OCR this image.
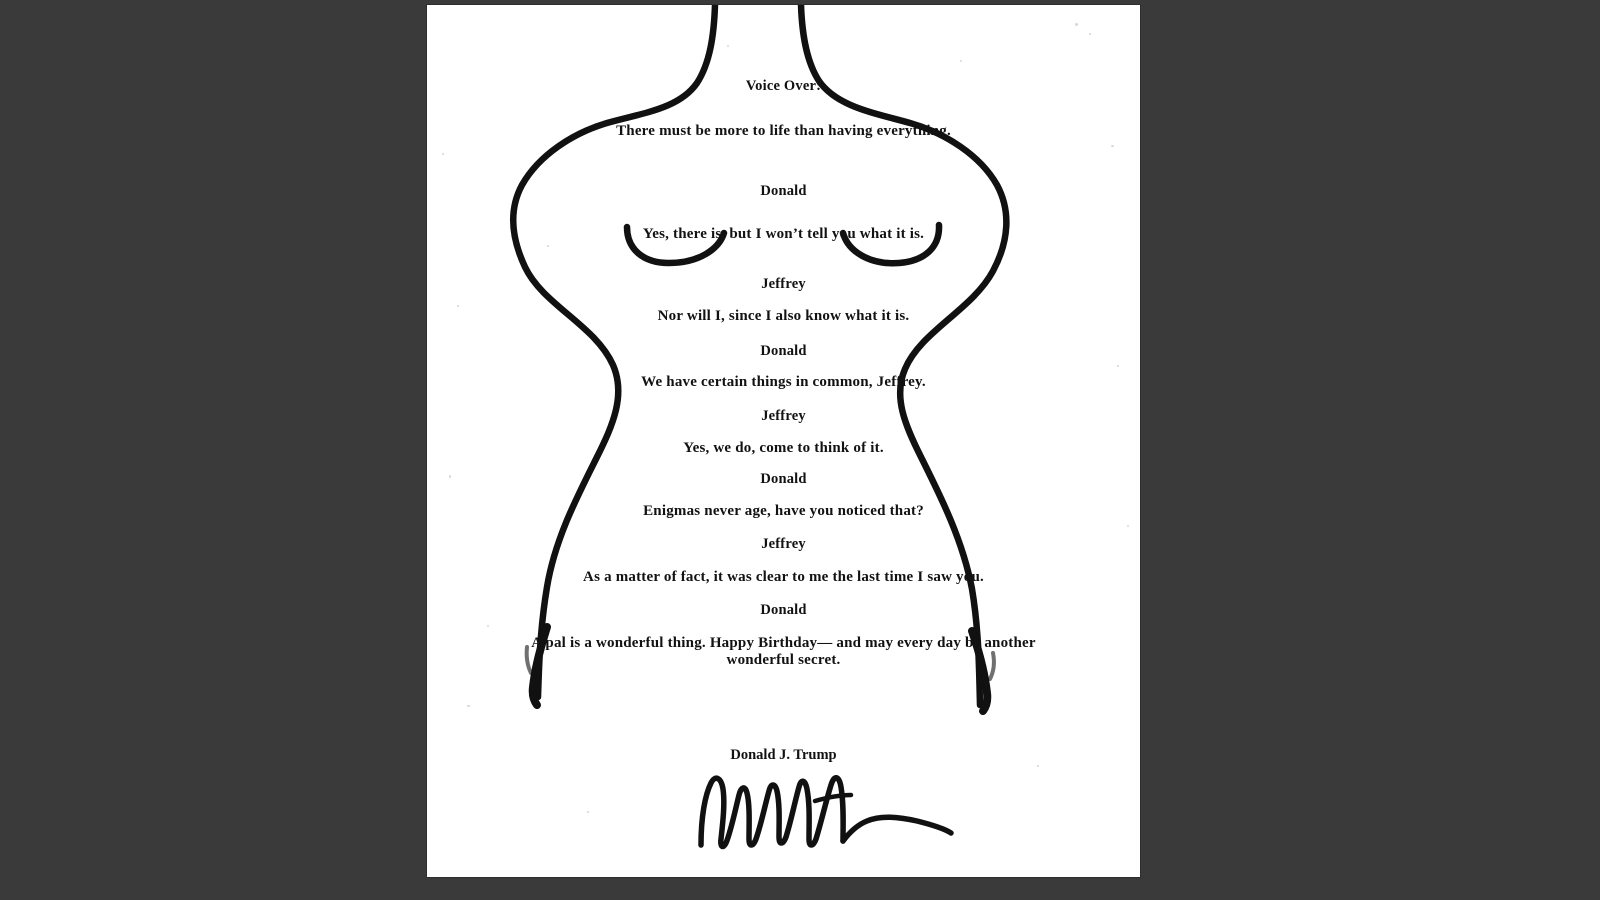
Voice Over:
There must be more to life than having everything.
Donald
Yes, there is, but I won’t tell you what it is.
Jeffrey
Nor will I, since I also know what it is.
Donald
We have certain things in common, Jeffrey.
Jeffrey
Yes, we do, come to think of it.
Donald
Enigmas never age, have you noticed that?
Jeffrey
As a matter of fact, it was clear to me the last time I saw you.
Donald
A pal is a wonderful thing. Happy Birthday— and may every day be another
wonderful secret.
Donald J. Trump
